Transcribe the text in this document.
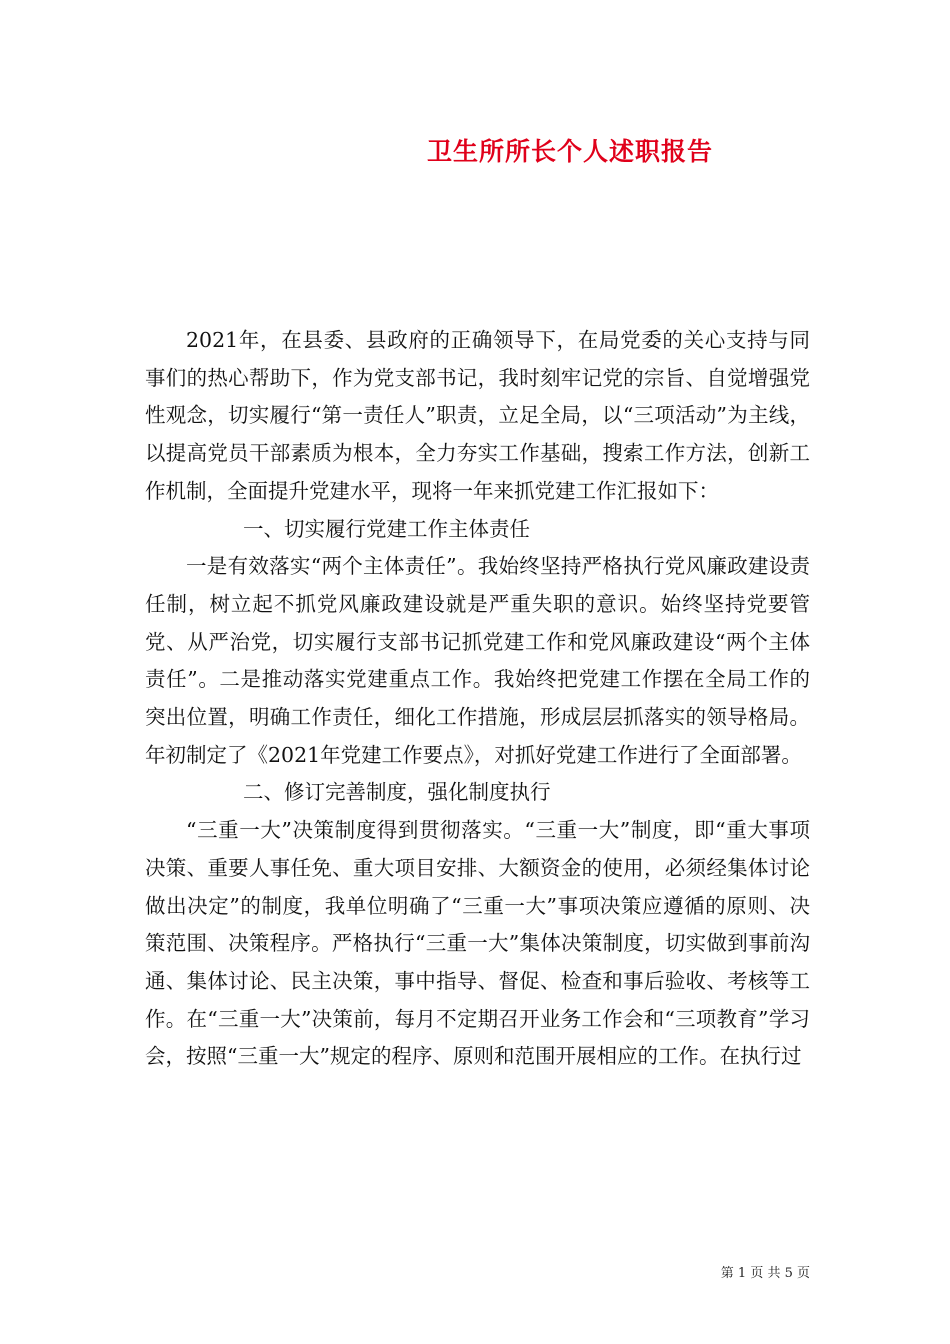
卫生所所长个人述职报告

2021年，在县委、县政府的正确领导下，在局党委的关心支持与同事们的热心帮助下，作为党支部书记，我时刻牢记党的宗旨、自觉增强党性观念，切实履行“第一责任人”职责，立足全局，以“三项活动”为主线，以提高党员干部素质为根本，全力夯实工作基础，搜索工作方法，创新工作机制，全面提升党建水平，现将一年来抓党建工作汇报如下：

一、切实履行党建工作主体责任

一是有效落实“两个主体责任”。我始终坚持严格执行党风廉政建设责任制，树立起不抓党风廉政建设就是严重失职的意识。始终坚持党要管党、从严治党，切实履行支部书记抓党建工作和党风廉政建设“两个主体责任”。二是推动落实党建重点工作。我始终把党建工作摆在全局工作的突出位置，明确工作责任，细化工作措施，形成层层抓落实的领导格局。年初制定了《2021年党建工作要点》，对抓好党建工作进行了全面部署。

二、修订完善制度，强化制度执行

“三重一大”决策制度得到贯彻落实。“三重一大”制度，即“重大事项决策、重要人事任免、重大项目安排、大额资金的使用，必须经集体讨论做出决定”的制度，我单位明确了“三重一大”事项决策应遵循的原则、决策范围、决策程序。严格执行“三重一大”集体决策制度，切实做到事前沟通、集体讨论、民主决策，事中指导、督促、检查和事后验收、考核等工作。在“三重一大”决策前，每月不定期召开业务工作会和“三项教育”学习会，按照“三重一大”规定的程序、原则和范围开展相应的工作。在执行过

第 1 页 共 5 页
